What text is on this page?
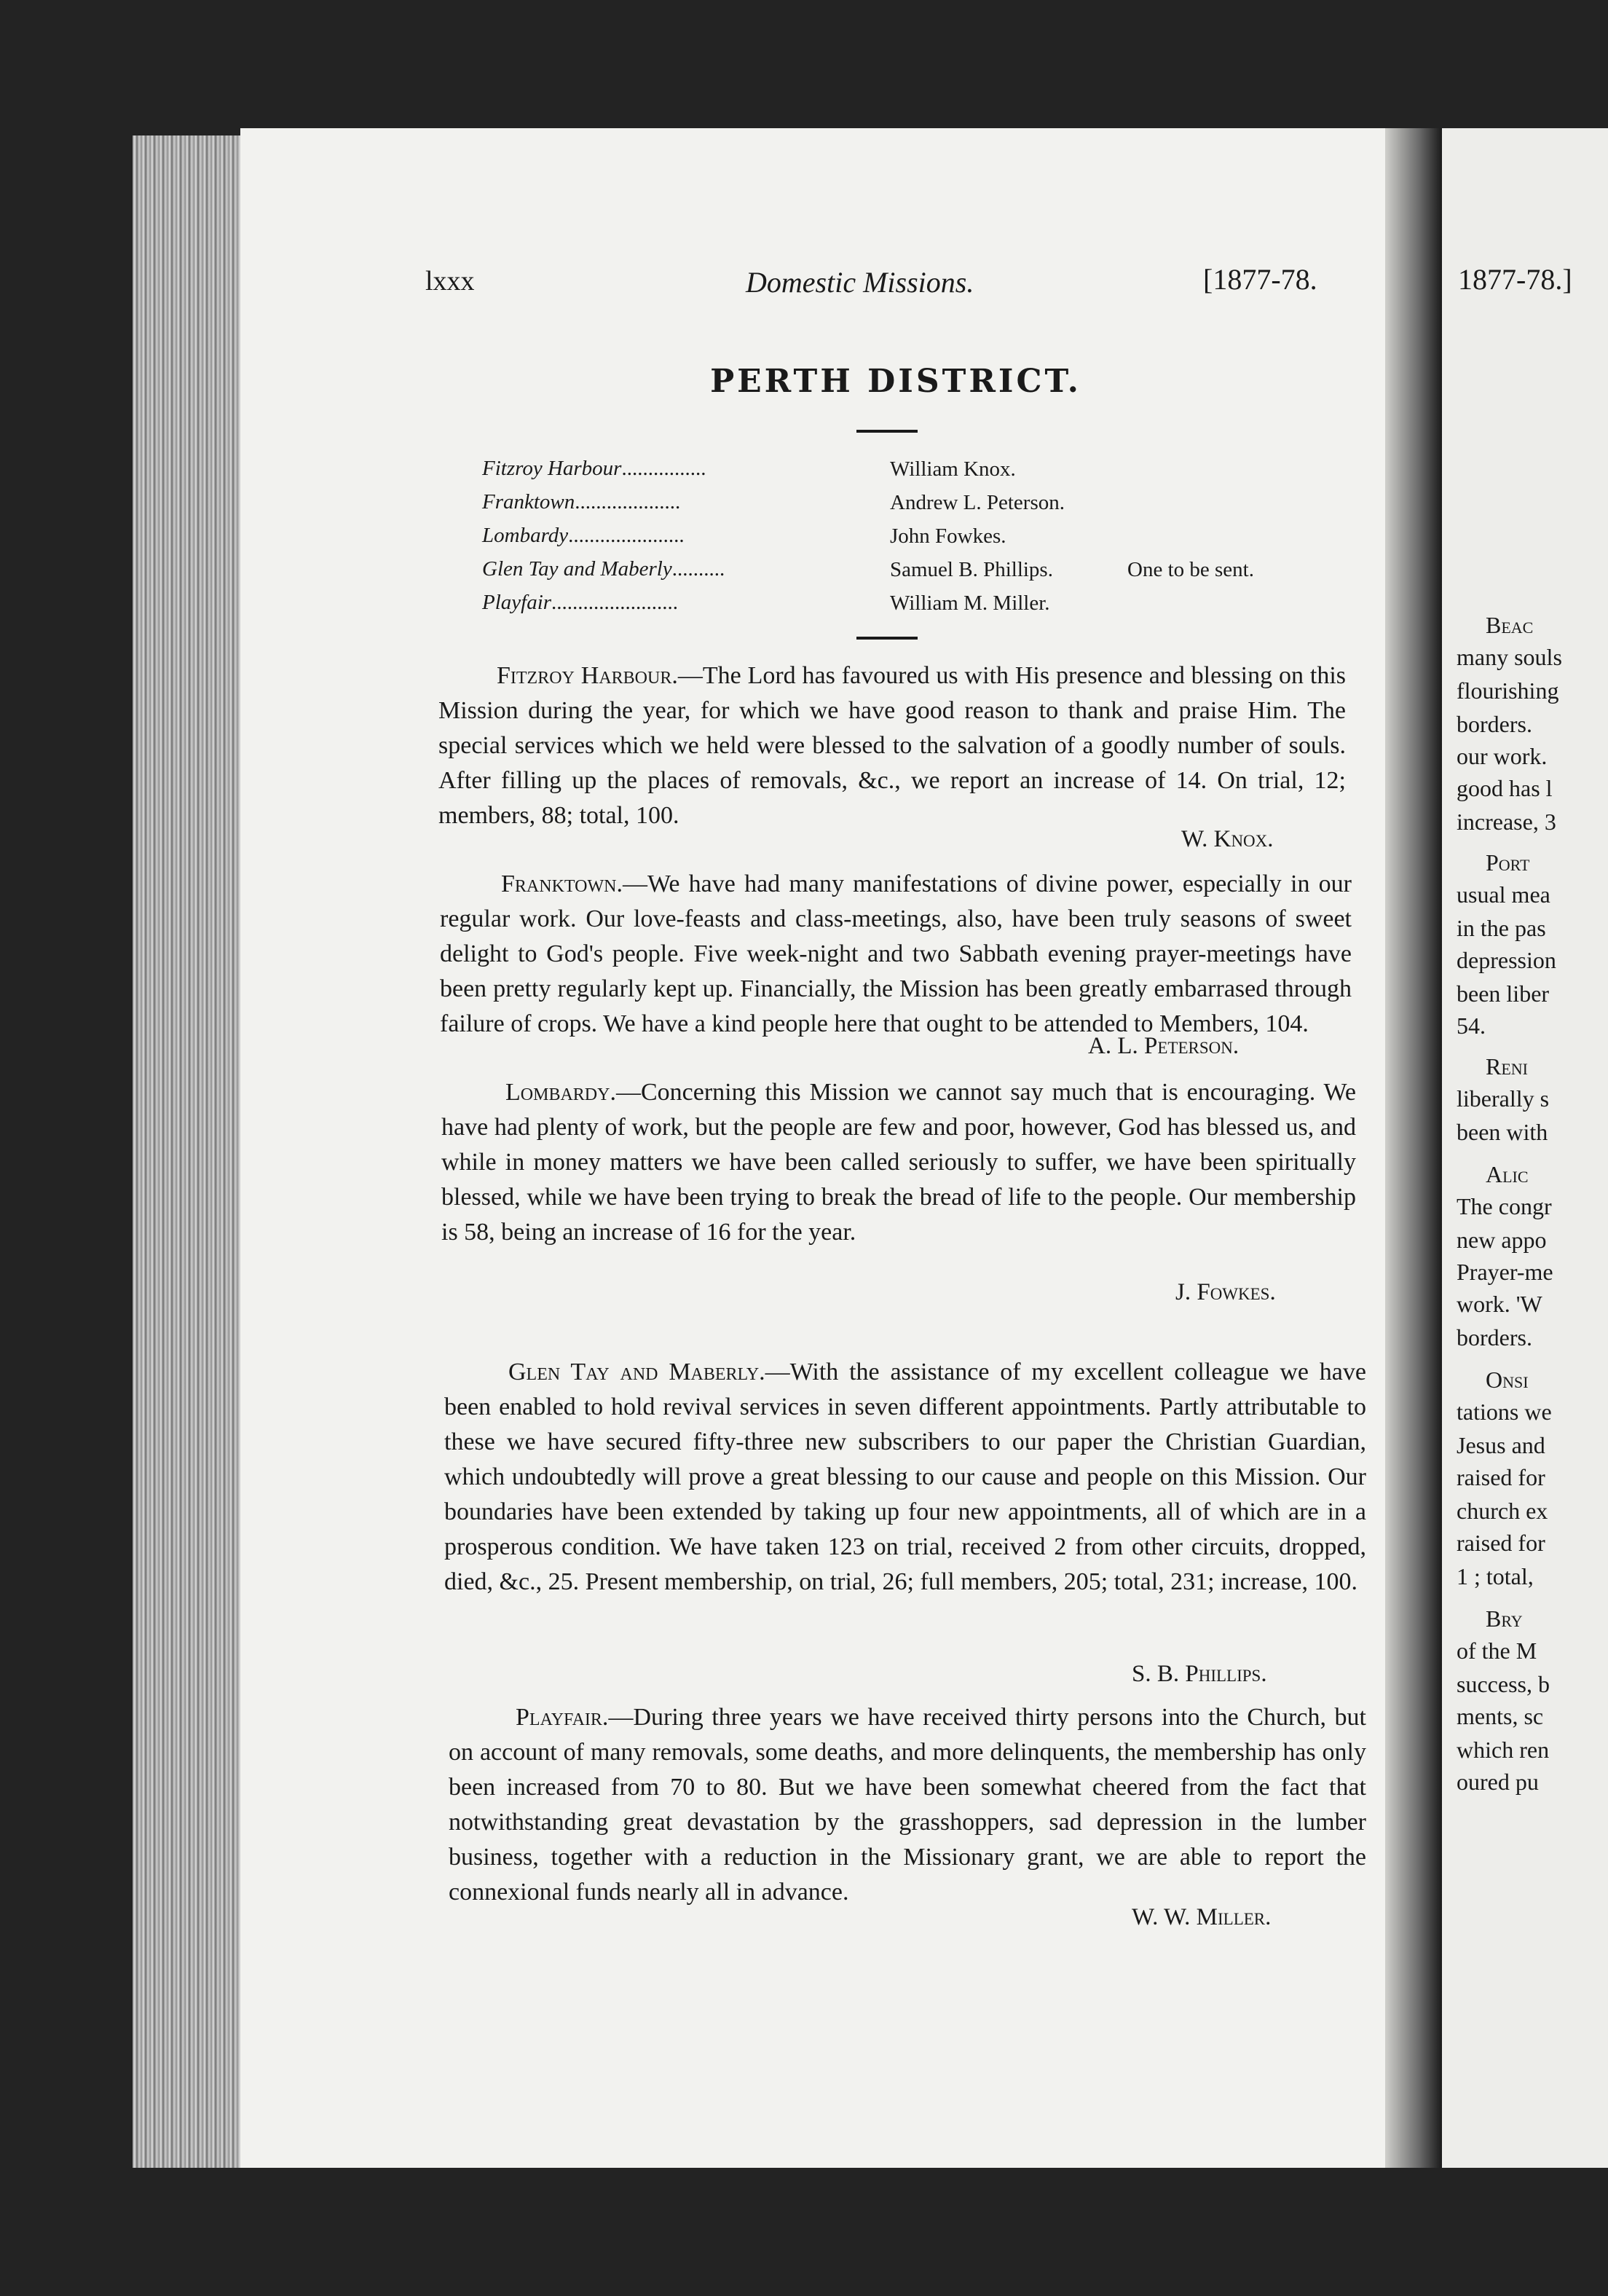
lxxx	Domestic Missions.	[1877-78.
PERTH DISTRICT.
Fitzroy Harbour................	William Knox.
Franktown....................	Andrew L. Peterson.
Lombardy......................	John Fowkes.
Glen Tay and Maberly..........	Samuel B. Phillips.	One to be sent.
Playfair........................	William M. Miller.
Fitzroy Harbour.—The Lord has favoured us with His presence and blessing on this Mission during the year, for which we have good reason to thank and praise Him. The special services which we held were blessed to the salvation of a goodly number of souls. After filling up the places of removals, &c., we report an increase of 14. On trial, 12; members, 88; total, 100.
W. Knox.
Franktown.—We have had many manifestations of divine power, especially in our regular work. Our love-feasts and class-meetings, also, have been truly seasons of sweet delight to God's people. Five week-night and two Sabbath evening prayer-meetings have been pretty regularly kept up. Financially, the Mission has been greatly embarrased through failure of crops. We have a kind people here that ought to be attended to Members, 104.
A. L. Peterson.
Lombardy.—Concerning this Mission we cannot say much that is encouraging. We have had plenty of work, but the people are few and poor, however, God has blessed us, and while in money matters we have been called seriously to suffer, we have been spiritually blessed, while we have been trying to break the bread of life to the people. Our membership is 58, being an increase of 16 for the year.
J. Fowkes.
Glen Tay and Maberly.—With the assistance of my excellent colleague we have been enabled to hold revival services in seven different appointments. Partly attributable to these we have secured fifty-three new subscribers to our paper the Christian Guardian, which undoubtedly will prove a great blessing to our cause and people on this Mission. Our boundaries have been extended by taking up four new appointments, all of which are in a prosperous condition. We have taken 123 on trial, received 2 from other circuits, dropped, died, &c., 25. Present membership, on trial, 26; full members, 205; total, 231; increase, 100.
S. B. Phillips.
Playfair.—During three years we have received thirty persons into the Church, but on account of many removals, some deaths, and more delinquents, the membership has only been increased from 70 to 80. But we have been somewhat cheered from the fact that notwithstanding great devastation by the grasshoppers, sad depression in the lumber business, together with a reduction in the Missionary grant, we are able to report the connexional funds nearly all in advance.
W. W. Miller.
1877-78.]
Beac
many souls
flourishing
borders.
our work.
good has l
increase, 3
Port
usual mea
in the pas
depression
been liber
54.
Reni
liberally s
been with
Alic
The congr
new appo
Prayer-me
work. 'W
borders.
Onsi
tations we
Jesus and
raised for
church ex
raised for
1 ; total,
Bry
of the M
success, b
ments, sc
which ren
oured pu
